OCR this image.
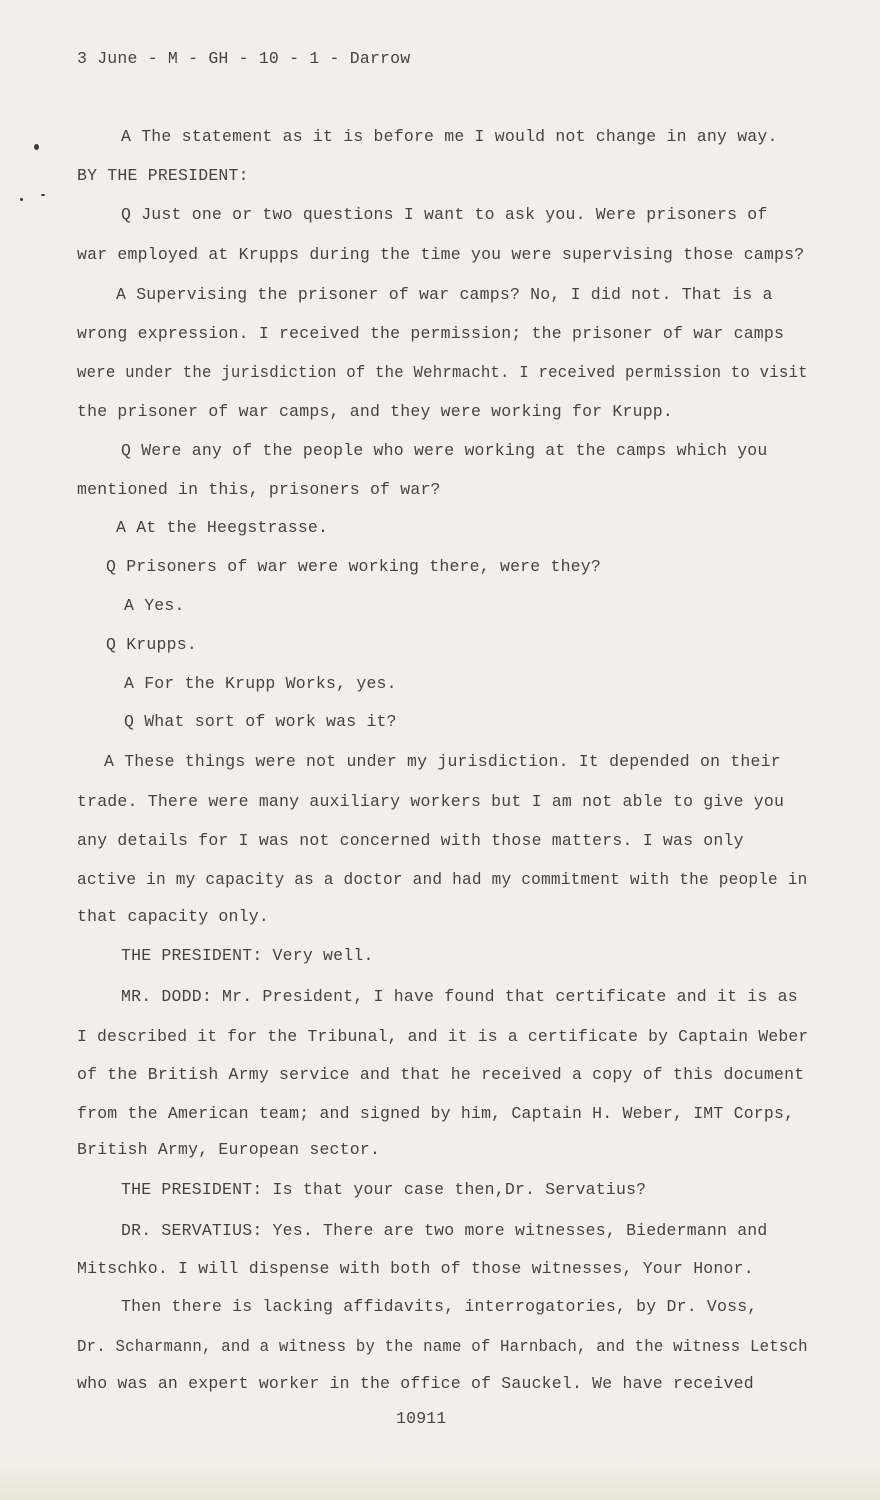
3 June - M - GH - 10 - 1 - Darrow
A The statement as it is before me I would not change in any way.
BY THE PRESIDENT:
Q Just one or two questions I want to ask you. Were prisoners of
war employed at Krupps during the time you were supervising those camps?
A Supervising the prisoner of war camps? No, I did not. That is a
wrong expression. I received the permission; the prisoner of war camps
were under the jurisdiction of the Wehrmacht. I received permission to visit
the prisoner of war camps, and they were working for Krupp.
Q Were any of the people who were working at the camps which you
mentioned in this, prisoners of war?
A At the Heegstrasse.
Q Prisoners of war were working there, were they?
A Yes.
Q Krupps.
A For the Krupp Works, yes.
Q What sort of work was it?
A These things were not under my jurisdiction. It depended on their
trade. There were many auxiliary workers but I am not able to give you
any details for I was not concerned with those matters. I was only
active in my capacity as a doctor and had my commitment with the people in
that capacity only.
THE PRESIDENT: Very well.
MR. DODD: Mr. President, I have found that certificate and it is as
I described it for the Tribunal, and it is a certificate by Captain Weber
of the British Army service and that he received a copy of this document
from the American team; and signed by him, Captain H. Weber, IMT Corps,
British Army, European sector.
THE PRESIDENT: Is that your case then,Dr. Servatius?
DR. SERVATIUS: Yes. There are two more witnesses, Biedermann and
Mitschko. I will dispense with both of those witnesses, Your Honor.
Then there is lacking affidavits, interrogatories, by Dr. Voss,
Dr. Scharmann, and a witness by the name of Harnbach, and the witness Letsch
who was an expert worker in the office of Sauckel. We have received
10911
